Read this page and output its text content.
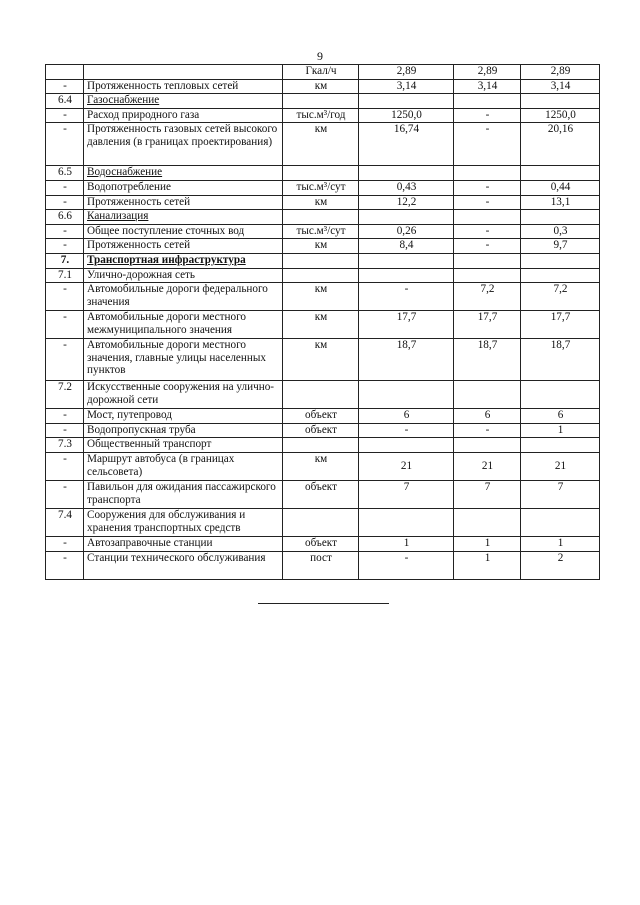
9
		Гкал/ч	2,89	2,89	2,89
-	Протяженность тепловых сетей	км	3,14	3,14	3,14
6.4	Газоснабжение				
-	Расход природного газа	тыс.м³/год	1250,0	-	1250,0
-	Протяженность газовых сетей высокого давления (в границах проектирования)	км	16,74	-	20,16
6.5	Водоснабжение				
-	Водопотребление	тыс.м³/сут	0,43	-	0,44
-	Протяженность сетей	км	12,2	-	13,1
6.6	Канализация				
-	Общее поступление сточных вод	тыс.м³/сут	0,26	-	0,3
-	Протяженность сетей	км	8,4	-	9,7
7.	Транспортная инфраструктура				
7.1	Улично-дорожная сеть				
-	Автомобильные дороги федерального значения	км	-	7,2	7,2
-	Автомобильные дороги местного межмуниципального значения	км	17,7	17,7	17,7
-	Автомобильные дороги местного значения, главные улицы населенных пунктов	км	18,7	18,7	18,7
7.2	Искусственные сооружения на улично-дорожной сети				
-	Мост, путепровод	объект	6	6	6
-	Водопропускная труба	объект	-	-	1
7.3	Общественный транспорт				
-	Маршрут автобуса (в границах сельсовета)	км	21	21	21
-	Павильон для ожидания пассажирского транспорта	объект	7	7	7
7.4	Сооружения для обслуживания и хранения транспортных средств				
-	Автозаправочные станции	объект	1	1	1
-	Станции технического обслуживания	пост	-	1	2
